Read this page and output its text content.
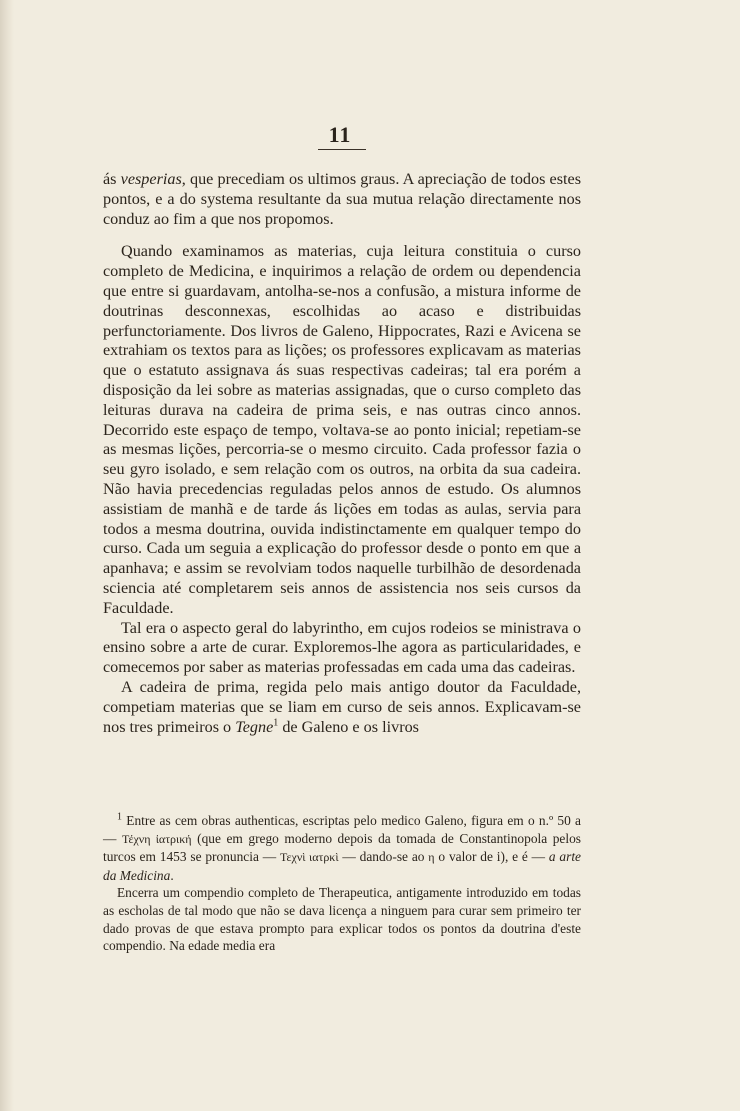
11

ás vesperias, que precediam os ultimos graus. A apreciação de todos estes pontos, e a do systema resultante da sua mutua relação directamente nos conduz ao fim a que nos propomos.

Quando examinamos as materias, cuja leitura constituia o curso completo de Medicina, e inquirimos a relação de ordem ou dependencia que entre si guardavam, antolha-se-nos a confusão, a mistura informe de doutrinas desconnexas, escolhidas ao acaso e distribuidas perfunctoriamente. Dos livros de Galeno, Hippocrates, Razi e Avicena se extrahiam os textos para as lições; os professores explicavam as materias que o estatuto assignava ás suas respectivas cadeiras; tal era porém a disposição da lei sobre as materias assignadas, que o curso completo das leituras durava na cadeira de prima seis, e nas outras cinco annos. Decorrido este espaço de tempo, voltava-se ao ponto inicial; repetiam-se as mesmas lições, percorria-se o mesmo circuito. Cada professor fazia o seu gyro isolado, e sem relação com os outros, na orbita da sua cadeira. Não havia precedencias reguladas pelos annos de estudo. Os alumnos assistiam de manhã e de tarde ás lições em todas as aulas, servia para todos a mesma doutrina, ouvida indistinctamente em qualquer tempo do curso. Cada um seguia a explicação do professor desde o ponto em que a apanhava; e assim se revolviam todos naquelle turbilhão de desordenada sciencia até completarem seis annos de assistencia nos seis cursos da Faculdade.

Tal era o aspecto geral do labyrintho, em cujos rodeios se ministrava o ensino sobre a arte de curar. Exploremos-lhe agora as particularidades, e comecemos por saber as materias professadas em cada uma das cadeiras.

A cadeira de prima, regida pelo mais antigo doutor da Faculdade, competiam materias que se liam em curso de seis annos. Explicavam-se nos tres primeiros o Tegne$^1$ de Galeno e os livros

$^1$ Entre as cem obras authenticas, escriptas pelo medico Galeno, figura em o n.º 50 a — Τέχνη ἰατρική (que em grego moderno depois da tomada de Constantinopola pelos turcos em 1453 se pronuncia — Τεχνὶ ιατρκὶ — dando-se ao η o valor de i), e é — a arte da Medicina.

Encerra um compendio completo de Therapeutica, antigamente introduzido em todas as escholas de tal modo que não se dava licença a ninguem para curar sem primeiro ter dado provas de que estava prompto para explicar todos os pontos da doutrina d'este compendio. Na edade media era
